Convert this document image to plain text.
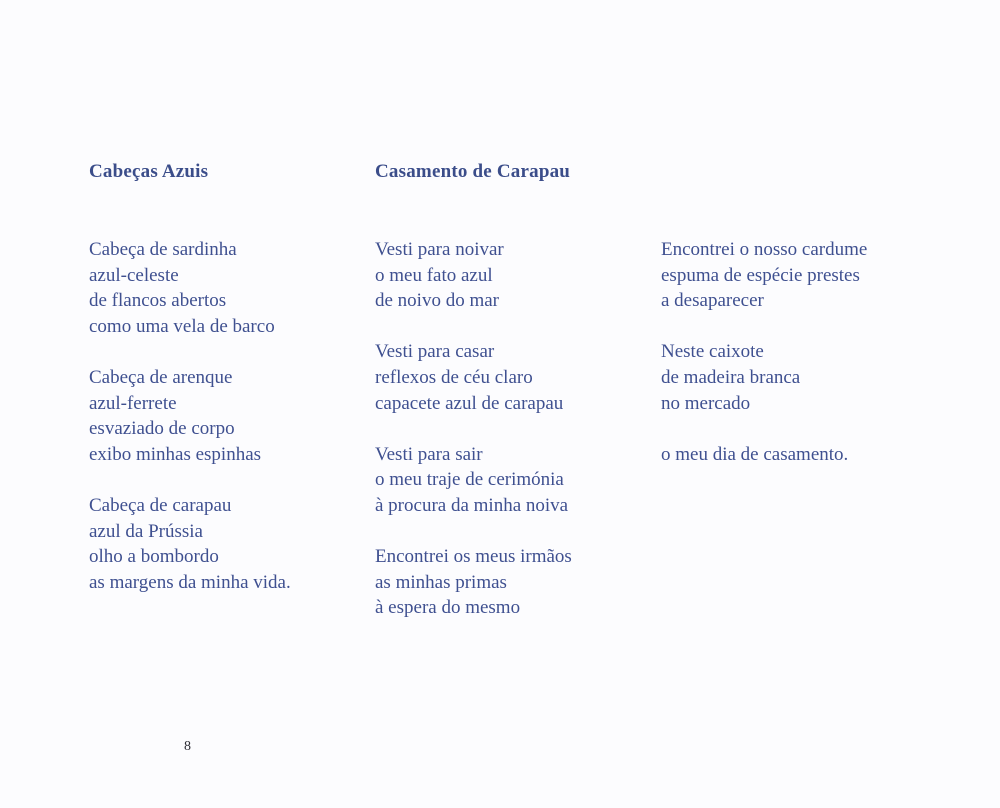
Cabeças Azuis	Casamento de Carapau
Cabeça de sardinha
azul-celeste
de flancos abertos
como uma vela de barco
Cabeça de arenque
azul-ferrete
esvaziado de corpo
exibo minhas espinhas
Cabeça de carapau
azul da Prússia
olho a bombordo
as margens da minha vida.
Vesti para noivar
o meu fato azul
de noivo do mar
Vesti para casar
reflexos de céu claro
capacete azul de carapau
Vesti para sair
o meu traje de cerimónia
à procura da minha noiva
Encontrei os meus irmãos
as minhas primas
à espera do mesmo
Encontrei o nosso cardume
espuma de espécie prestes
a desaparecer
Neste caixote
de madeira branca
no mercado
o meu dia de casamento.
8
